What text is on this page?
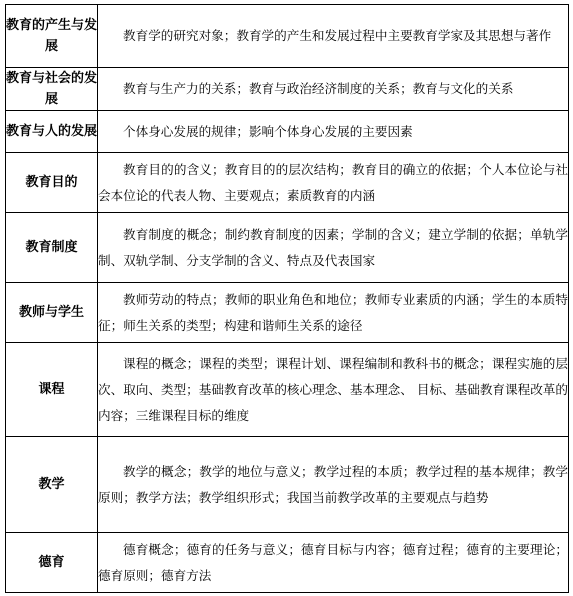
教育的产生与发展	教育学的研究对象；教育学的产生和发展过程中主要教育学家及其思想与著作
教育与社会的发展	教育与生产力的关系；教育与政治经济制度的关系；教育与文化的关系
教育与人的发展	个体身心发展的规律；影响个体身心发展的主要因素
教育目的	教育目的的含义；教育目的的层次结构；教育目的确立的依据；个人本位论与社会本位论的代表人物、主要观点；素质教育的内涵
教育制度	教育制度的概念；制约教育制度的因素；学制的含义；建立学制的依据；单轨学制、双轨学制、分支学制的含义、特点及代表国家
教师与学生	教师劳动的特点；教师的职业角色和地位；教师专业素质的内涵；学生的本质特征；师生关系的类型；构建和谐师生关系的途径
课程	课程的概念；课程的类型；课程计划、课程编制和教科书的概念；课程实施的层次、取向、类型；基础教育改革的核心理念、基本理念、 目标、基础教育课程改革的内容；三维课程目标的维度
教学	教学的概念；教学的地位与意义；教学过程的本质；教学过程的基本规律；教学原则；教学方法；教学组织形式；我国当前教学改革的主要观点与趋势
德育	德育概念；德育的任务与意义；德育目标与内容；德育过程；德育的主要理论；德育原则；德育方法
